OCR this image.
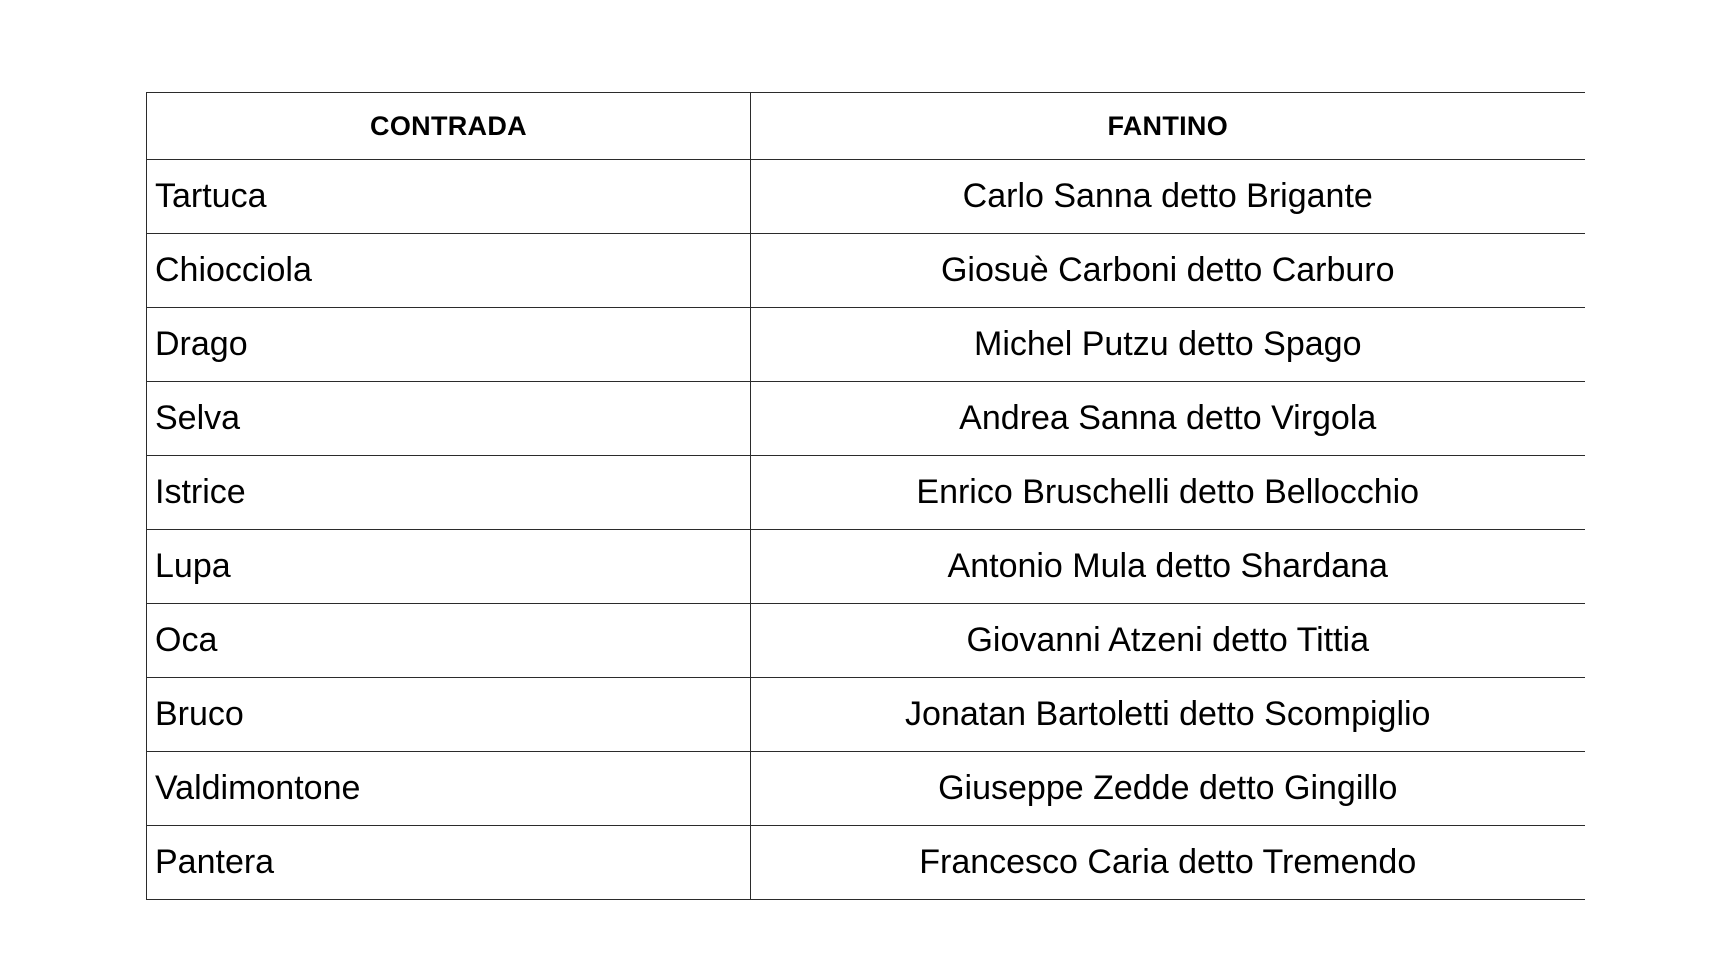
CONTRADA	FANTINO
Tartuca	Carlo Sanna detto Brigante
Chiocciola	Giosuè Carboni detto Carburo
Drago	Michel Putzu detto Spago
Selva	Andrea Sanna detto Virgola
Istrice	Enrico Bruschelli detto Bellocchio
Lupa	Antonio Mula detto Shardana
Oca	Giovanni Atzeni detto Tittia
Bruco	Jonatan Bartoletti detto Scompiglio
Valdimontone	Giuseppe Zedde detto Gingillo
Pantera	Francesco Caria detto Tremendo
